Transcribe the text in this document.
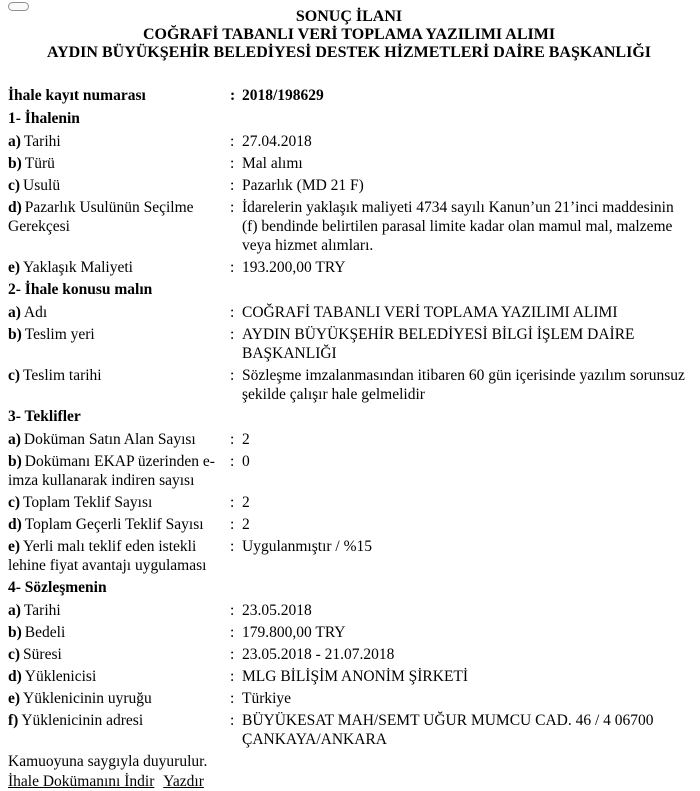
SONUÇ İLANI
COĞRAFİ TABANLI VERİ TOPLAMA YAZILIMI ALIMI
AYDIN BÜYÜKŞEHİR BELEDİYESİ DESTEK HİZMETLERİ DAİRE BAŞKANLIĞI
İhale kayıt numarası	: 2018/198629
1- İhalenin
a) Tarihi	: 27.04.2018
b) Türü	: Mal alımı
c) Usulü	: Pazarlık (MD 21 F)
d) Pazarlık Usulünün Seçilme Gerekçesi
: İdarelerin yaklaşık maliyeti 4734 sayılı Kanun’un 21’inci maddesinin (f) bendinde belirtilen parasal limite kadar olan mamul mal, malzeme veya hizmet alımları.
e) Yaklaşık Maliyeti	: 193.200,00 TRY
2- İhale konusu malın
a) Adı	: COĞRAFİ TABANLI VERİ TOPLAMA YAZILIMI ALIMI
b) Teslim yeri	: AYDIN BÜYÜKŞEHİR BELEDİYESİ BİLGİ İŞLEM DAİRE BAŞKANLIĞI
c) Teslim tarihi	: Sözleşme imzalanmasından itibaren 60 gün içerisinde yazılım sorunsuz şekilde çalışır hale gelmelidir
3- Teklifler
a) Doküman Satın Alan Sayısı	: 2
b) Dokümanı EKAP üzerinden e-imza kullanarak indiren sayısı
: 0
c) Toplam Teklif Sayısı	: 2
d) Toplam Geçerli Teklif Sayısı	: 2
e) Yerli malı teklif eden istekli lehine fiyat avantajı uygulaması
: Uygulanmıştır / %15
4- Sözleşmenin
a) Tarihi	: 23.05.2018
b) Bedeli	: 179.800,00 TRY
c) Süresi	: 23.05.2018 - 21.07.2018
d) Yüklenicisi	: MLG BİLİŞİM ANONİM ŞİRKETİ
e) Yüklenicinin uyruğu	: Türkiye
f) Yüklenicinin adresi	: BÜYÜKESAT MAH/SEMT UĞUR MUMCU CAD. 46 / 4 06700 ÇANKAYA/ANKARA
Kamuoyuna saygıyla duyurulur.
İhale Dokümanını İndir Yazdır
